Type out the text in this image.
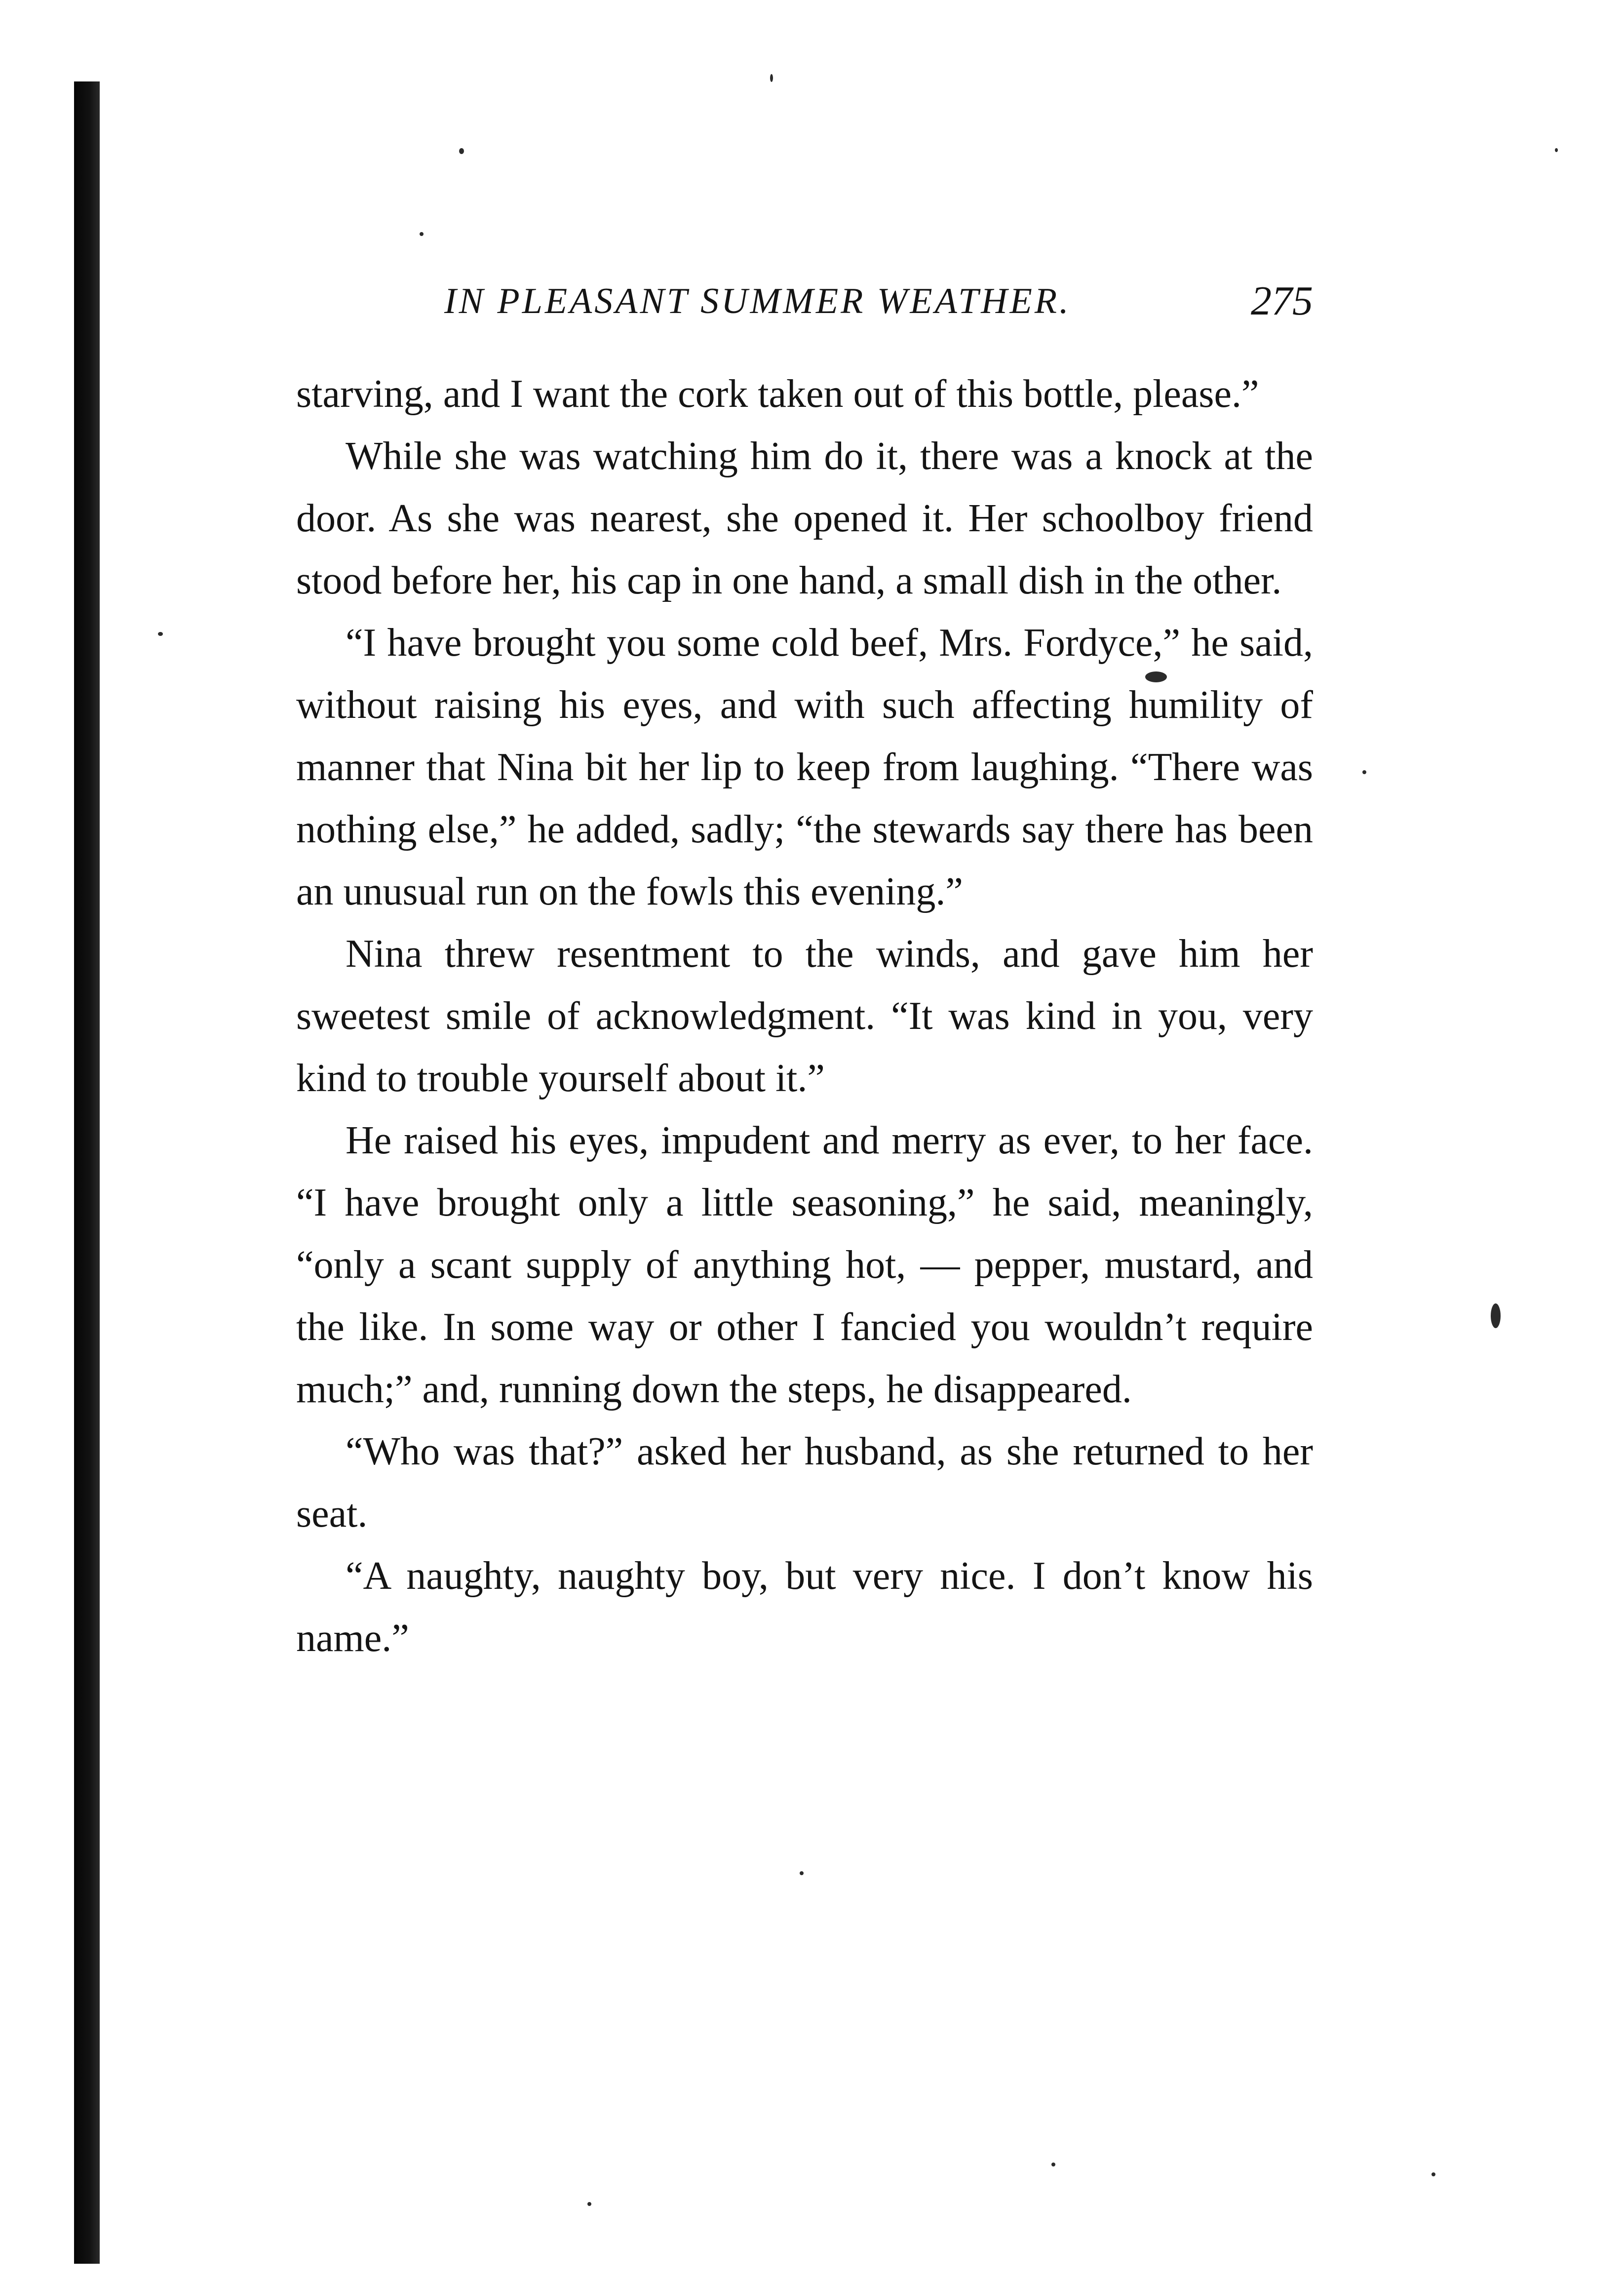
IN PLEASANT SUMMER WEATHER.	275

starving, and I want the cork taken out of this bottle, please.”

While she was watching him do it, there was a knock at the door. As she was nearest, she opened it. Her schoolboy friend stood before her, his cap in one hand, a small dish in the other.

“I have brought you some cold beef, Mrs. Fordyce,” he said, without raising his eyes, and with such affecting humility of manner that Nina bit her lip to keep from laughing. “There was nothing else,” he added, sadly; “the stewards say there has been an unusual run on the fowls this evening.”

Nina threw resentment to the winds, and gave him her sweetest smile of acknowledgment. “It was kind in you, very kind to trouble yourself about it.”

He raised his eyes, impudent and merry as ever, to her face. “I have brought only a little seasoning,” he said, meaningly, “only a scant supply of anything hot, — pepper, mustard, and the like. In some way or other I fancied you wouldn’t require much;” and, running down the steps, he disappeared.

“Who was that?” asked her husband, as she returned to her seat.

“A naughty, naughty boy, but very nice. I don’t know his name.”
